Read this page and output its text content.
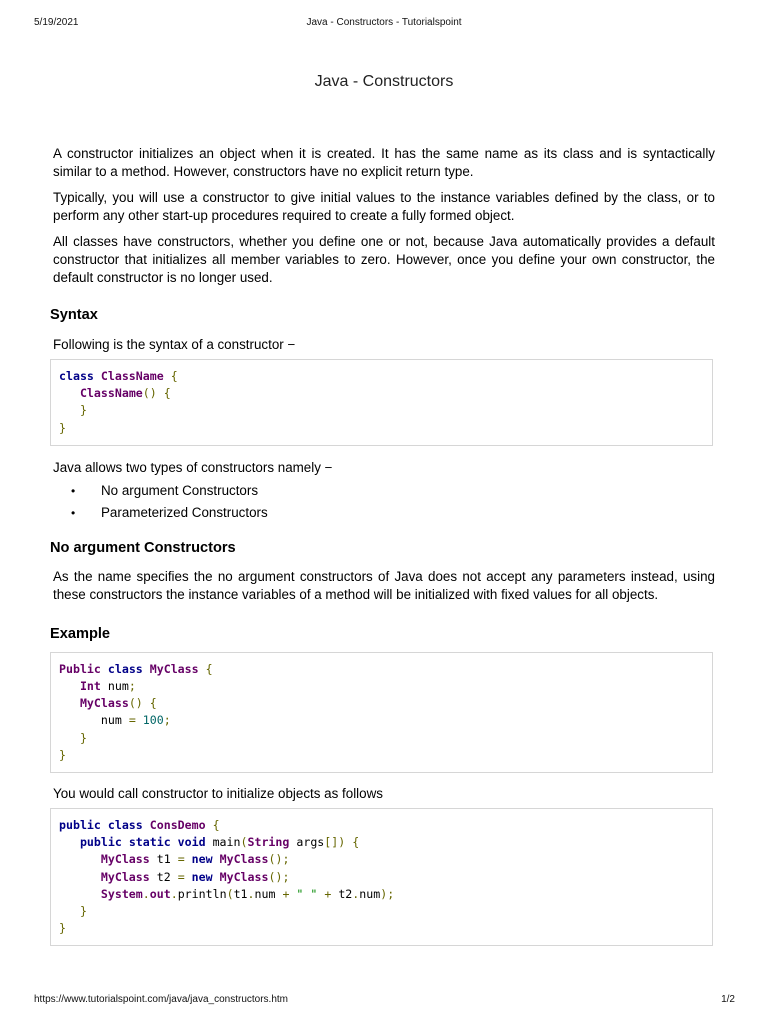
5/19/2021	Java - Constructors - Tutorialspoint
Java - Constructors

A constructor initializes an object when it is created. It has the same name as its class and is syntactically similar to a method. However, constructors have no explicit return type.

Typically, you will use a constructor to give initial values to the instance variables defined by the class, or to perform any other start-up procedures required to create a fully formed object.

All classes have constructors, whether you define one or not, because Java automatically provides a default constructor that initializes all member variables to zero. However, once you define your own constructor, the default constructor is no longer used.

Syntax

Following is the syntax of a constructor −

class ClassName {
ClassName() {
}
}

Java allows two types of constructors namely −

• No argument Constructors
• Parameterized Constructors
No argument Constructors

As the name specifies the no argument constructors of Java does not accept any parameters instead, using these constructors the instance variables of a method will be initialized with fixed values for all objects.

Example
Public class MyClass {
Int num;
MyClass() {
num = 100;
}
}

You would call constructor to initialize objects as follows

public class ConsDemo {
public static void main(String args[]) {
MyClass t1 = new MyClass();
MyClass t2 = new MyClass();
System.out.println(t1.num + " " + t2.num);
}
}
https://www.tutorialspoint.com/java/java_constructors.htm	1/2
